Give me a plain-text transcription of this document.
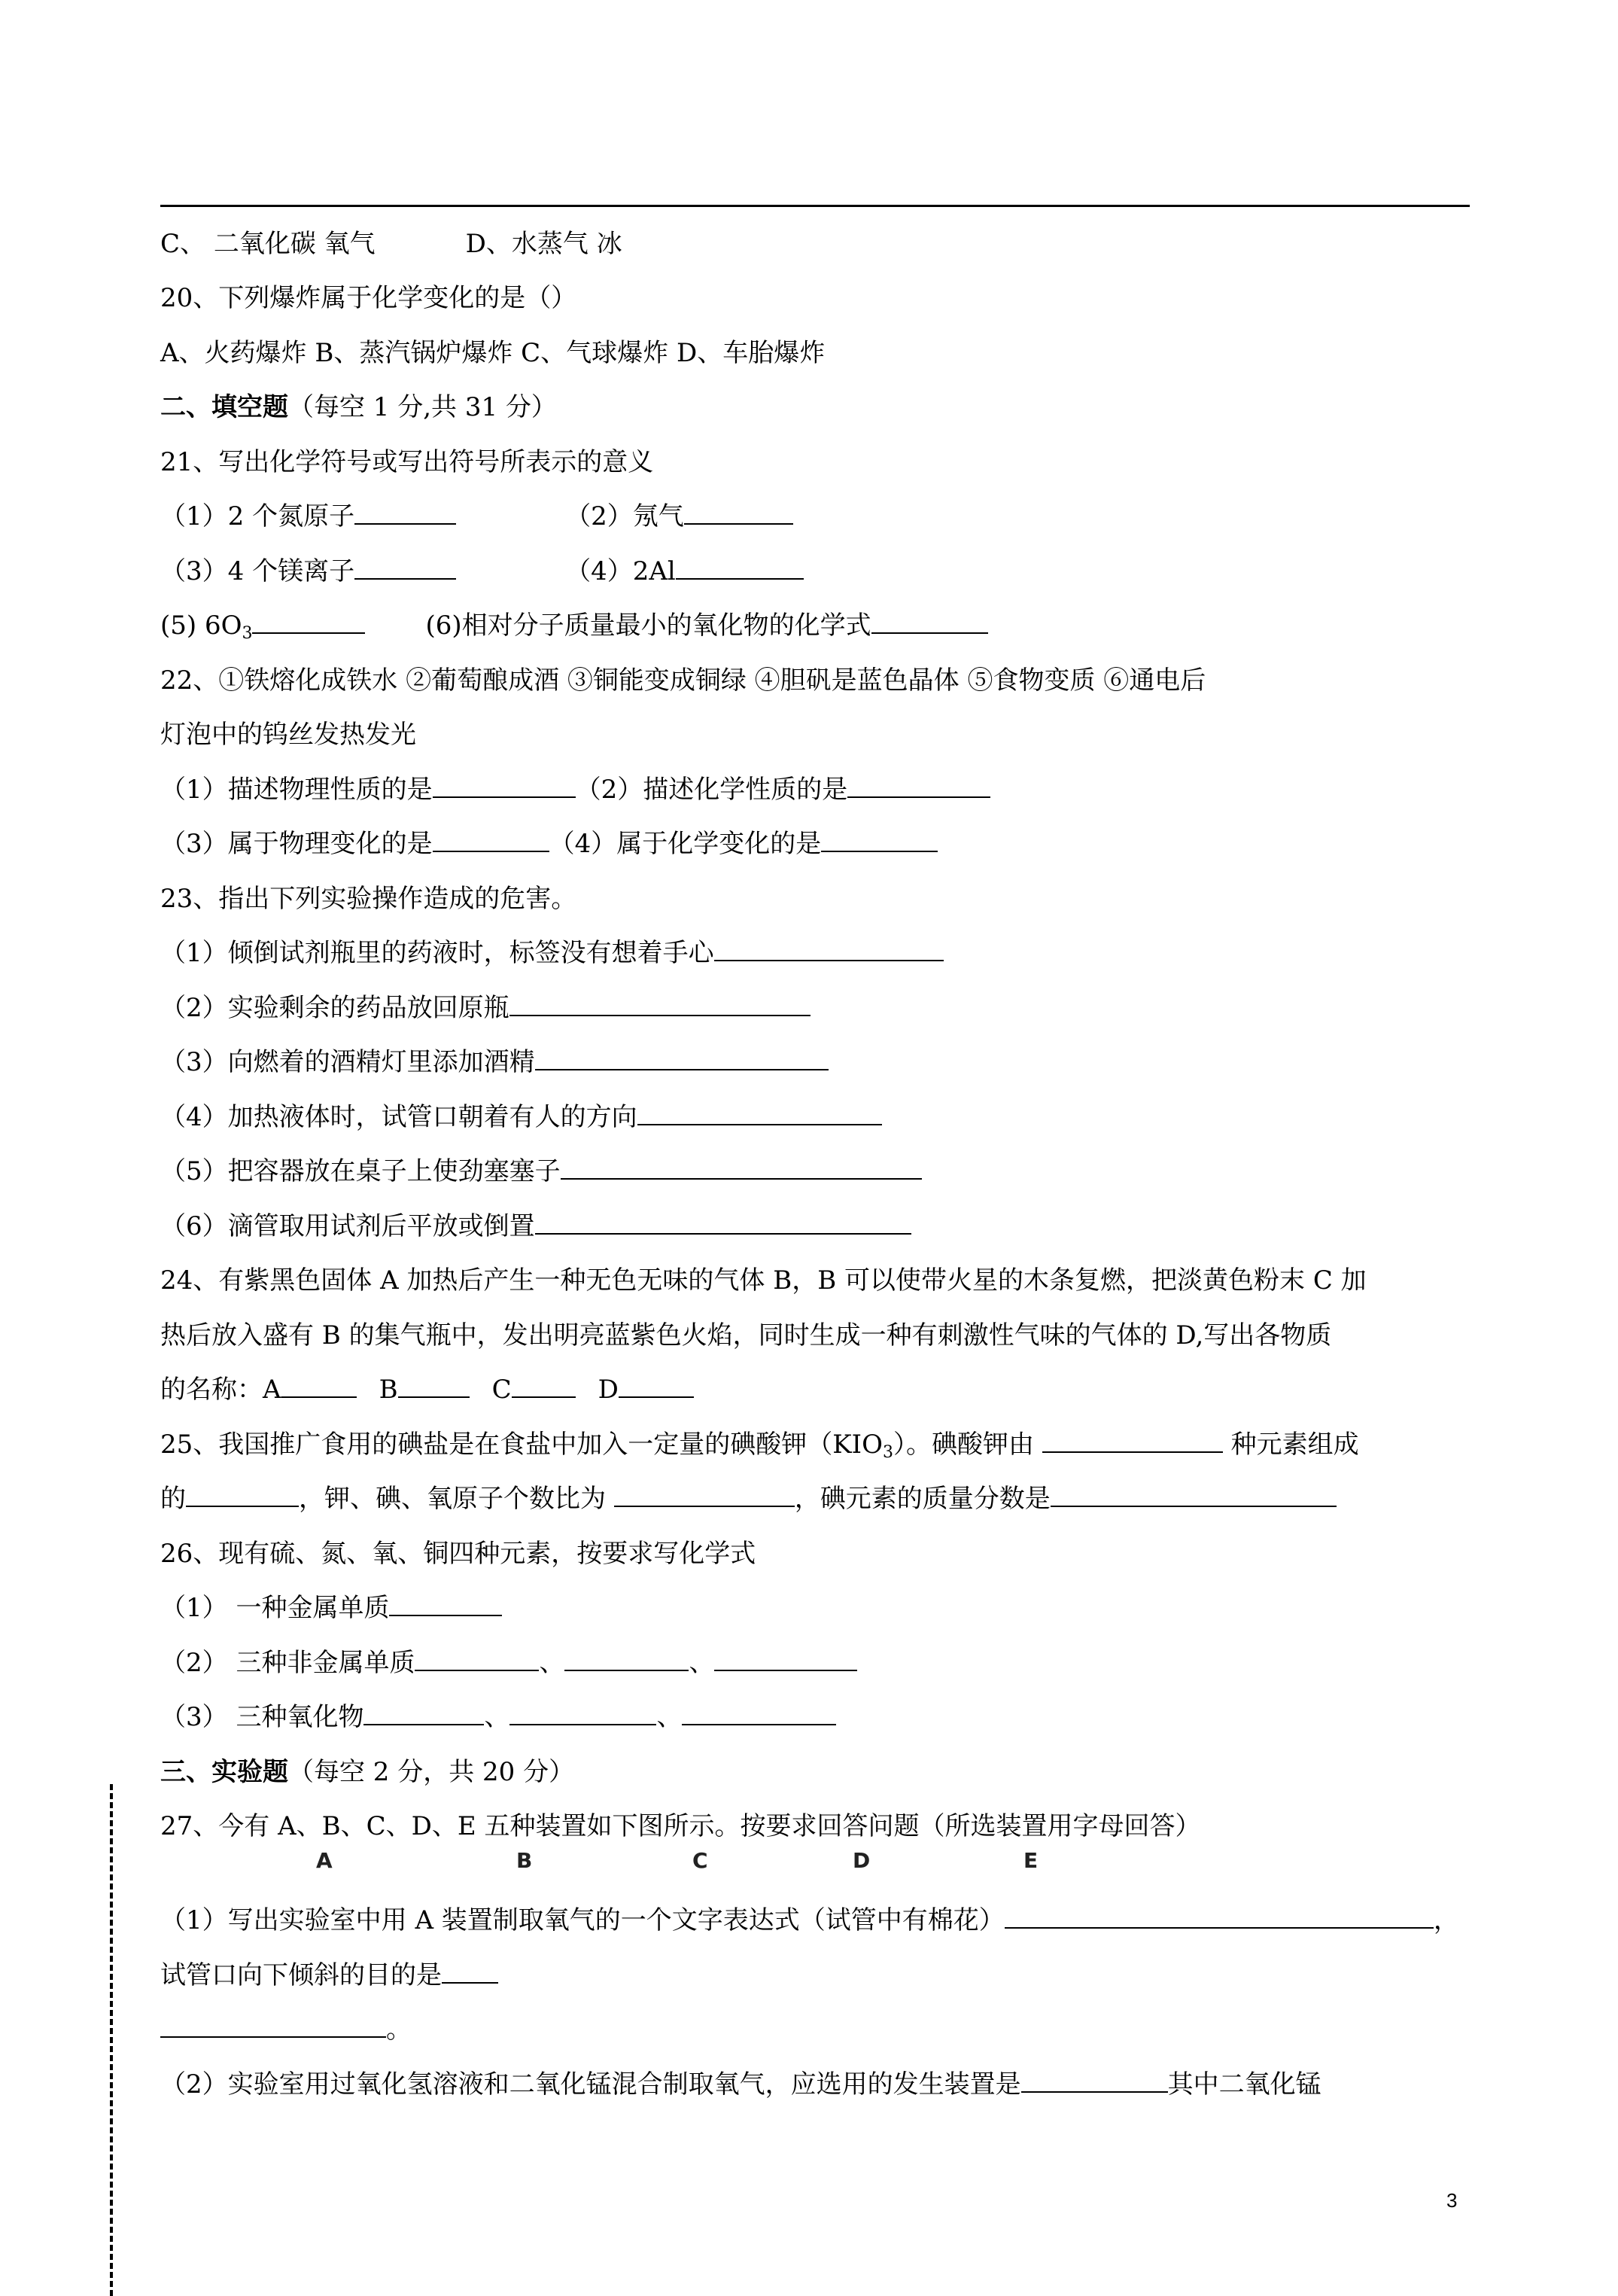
C、 二氧化碳 氧气	D、水蒸气 冰
20、下列爆炸属于化学变化的是（）
A、火药爆炸 B、蒸汽锅炉爆炸 C、气球爆炸 D、车胎爆炸
二、填空题（每空 1 分,共 31 分）
21、写出化学符号或写出符号所表示的意义
（1）2 个氮原子	（2）氖气
（3）4 个镁离子	（4）2Al
(5) $6O_3$	(6)相对分子质量最小的氧化物的化学式
22、①铁熔化成铁水 ②葡萄酿成酒 ③铜能变成铜绿 ④胆矾是蓝色晶体 ⑤食物变质 ⑥通电后
灯泡中的钨丝发热发光
（1）描述物理性质的是	（2）描述化学性质的是
（3）属于物理变化的是	（4）属于化学变化的是
23、指出下列实验操作造成的危害。
（1）倾倒试剂瓶里的药液时，标签没有想着手心
（2）实验剩余的药品放回原瓶
（3）向燃着的酒精灯里添加酒精
（4）加热液体时，试管口朝着有人的方向
（5）把容器放在桌子上使劲塞塞子
（6）滴管取用试剂后平放或倒置
24、有紫黑色固体 A 加热后产生一种无色无味的气体 B，B 可以使带火星的木条复燃，把淡黄色粉末 C 加
热后放入盛有 B 的集气瓶中，发出明亮蓝紫色火焰，同时生成一种有刺激性气味的气体的 D,写出各物质
的名称：A	B	C	D
25、我国推广食用的碘盐是在食盐中加入一定量的碘酸钾$(KIO_3)$。碘酸钾由	种元素组成
的	，钾、碘、氧原子个数比为	，碘元素的质量分数是
26、现有硫、氮、氧、铜四种元素，按要求写化学式
（1） 一种金属单质
（2） 三种非金属单质	、	、
（3） 三种氧化物	、	、
三、实验题（每空 2 分，共 20 分）
27、今有 A、B、C、D、E 五种装置如下图所示。按要求回答问题（所选装置用字母回答）
（1）写出实验室中用 A 装置制取氧气的一个文字表达式（试管中有棉花）	，
试管口向下倾斜的目的是
。
（2）实验室用过氧化氢溶液和二氧化锰混合制取氧气，应选用的发生装置是	其中二氧化锰
A	B	C	D	E
3
